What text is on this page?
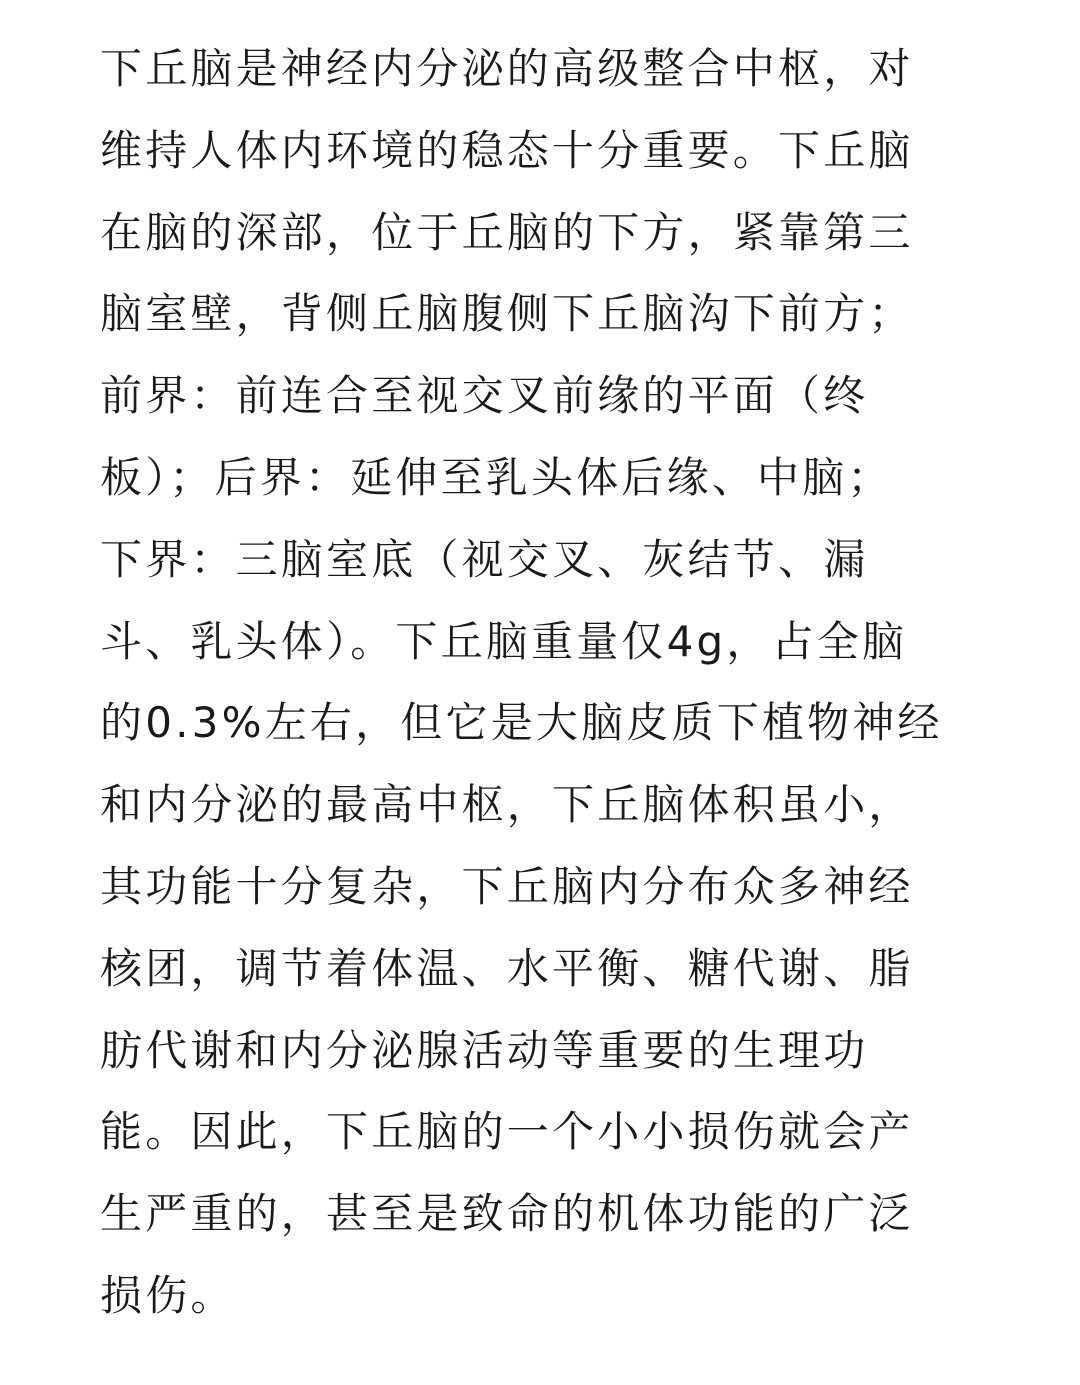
下丘脑是神经内分泌的高级整合中枢，对
维持人体内环境的稳态十分重要。下丘脑
在脑的深部，位于丘脑的下方，紧靠第三
脑室壁，背侧丘脑腹侧下丘脑沟下前方；
前界：前连合至视交叉前缘的平面（终
板）；后界：延伸至乳头体后缘、中脑；
下界：三脑室底（视交叉、灰结节、漏
斗、乳头体）。下丘脑重量仅4g，占全脑
的0.3%左右，但它是大脑皮质下植物神经
和内分泌的最高中枢，下丘脑体积虽小，
其功能十分复杂，下丘脑内分布众多神经
核团，调节着体温、水平衡、糖代谢、脂
肪代谢和内分泌腺活动等重要的生理功
能。因此，下丘脑的一个小小损伤就会产
生严重的，甚至是致命的机体功能的广泛
损伤。
